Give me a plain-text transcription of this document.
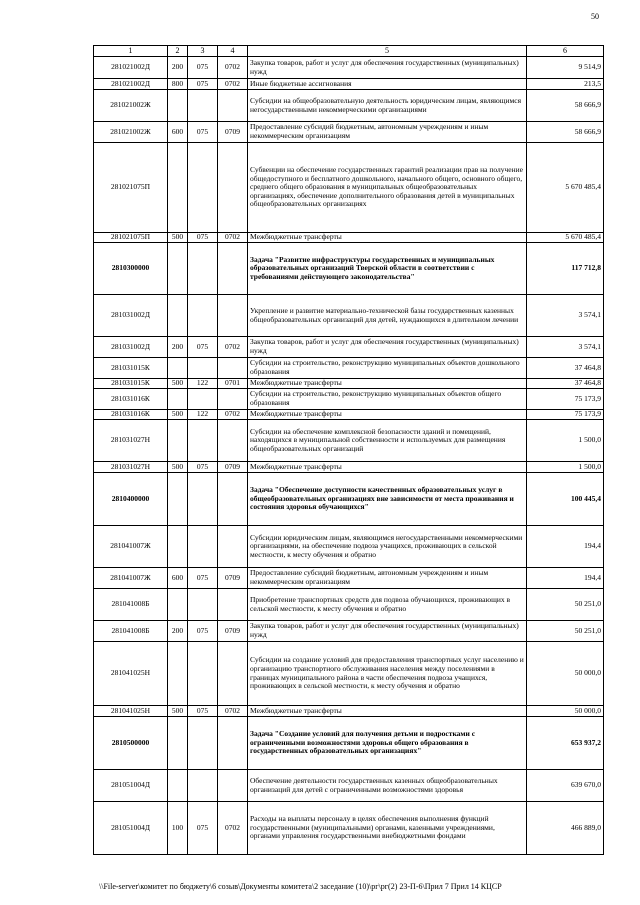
50
1	2	3	4	5	6
281021002Д	200	075	0702	Закупка товаров, работ и услуг для обеспечения государственных (муниципальных) нужд	9 514,9
281021002Д	800	075	0702	Иные бюджетные ассигнования	213,5
281021002Ж				Субсидии на общеобразовательную деятельность юридическим лицам, являющимся негосударственными некоммерческими организациями	58 666,9
281021002Ж	600	075	0709	Предоставление субсидий бюджетным, автономным учреждениям и иным некоммерческим организациям	58 666,9
281021075П				Субвенции на обеспечение государственных гарантий реализации прав на получение общедоступного и бесплатного дошкольного, начального общего, основного общего, среднего общего образования в муниципальных общеобразовательных организациях, обеспечение дополнительного образования детей в муниципальных общеобразовательных организациях	5 670 485,4
281021075П	500	075	0702	Межбюджетные трансферты	5 670 485,4
2810300000				Задача "Развитие инфраструктуры государственных и муниципальных образовательных организаций Тверской области в соответствии с требованиями действующего законодательства"	117 712,8
281031002Д				Укрепление и развитие материально-технической базы государственных казенных общеобразовательных организаций для детей, нуждающихся в длительном лечении	3 574,1
281031002Д	200	075	0702	Закупка товаров, работ и услуг для обеспечения государственных (муниципальных) нужд	3 574,1
281031015К				Субсидии на строительство, реконструкцию муниципальных объектов дошкольного образования	37 464,8
281031015К	500	122	0701	Межбюджетные трансферты	37 464,8
281031016К				Субсидии на строительство, реконструкцию муниципальных объектов общего образования	75 173,9
281031016К	500	122	0702	Межбюджетные трансферты	75 173,9
281031027Н				Субсидии на обеспечение комплексной безопасности зданий и помещений, находящихся в муниципальной собственности и используемых для размещения общеобразовательных организаций	1 500,0
281031027Н	500	075	0709	Межбюджетные трансферты	1 500,0
2810400000				Задача "Обеспечение доступности качественных образовательных услуг в общеобразовательных организациях вне зависимости от места проживания и состояния здоровья обучающихся"	100 445,4
281041007Ж				Субсидии юридическим лицам, являющимся негосударственными некоммерческими организациями, на обеспечение подвоза учащихся, проживающих в сельской местности, к месту обучения и обратно	194,4
281041007Ж	600	075	0709	Предоставление субсидий бюджетным, автономным учреждениям и иным некоммерческим организациям	194,4
281041008Б				Приобретение транспортных средств для подвоза обучающихся, проживающих в сельской местности, к месту обучения и обратно	50 251,0
281041008Б	200	075	0709	Закупка товаров, работ и услуг для обеспечения государственных (муниципальных) нужд	50 251,0
281041025Н				Субсидии на создание условий для предоставления транспортных услуг населению и организацию транспортного обслуживания населения между поселениями в границах муниципального района в части обеспечения подвоза учащихся, проживающих в сельской местности, к месту обучения и обратно	50 000,0
281041025Н	500	075	0702	Межбюджетные трансферты	50 000,0
2810500000				Задача "Создание условий для получения детьми и подростками с ограниченными возможностями здоровья общего образования в государственных образовательных организациях"	653 937,2
281051004Д				Обеспечение деятельности государственных казенных общеобразовательных организаций для детей с ограниченными возможностями здоровья	639 670,0
281051004Д	100	075	0702	Расходы на выплаты персоналу в целях обеспечения выполнения функций государственными (муниципальными) органами, казенными учреждениями, органами управления государственными внебюджетными фондами	466 889,0
\\File-server\комитет по бюджету\6 созыв\Документы комитета\2 заседание (10)\рг\рг(2) 23-П-6\Прил 7 Прил 14 КЦСР
